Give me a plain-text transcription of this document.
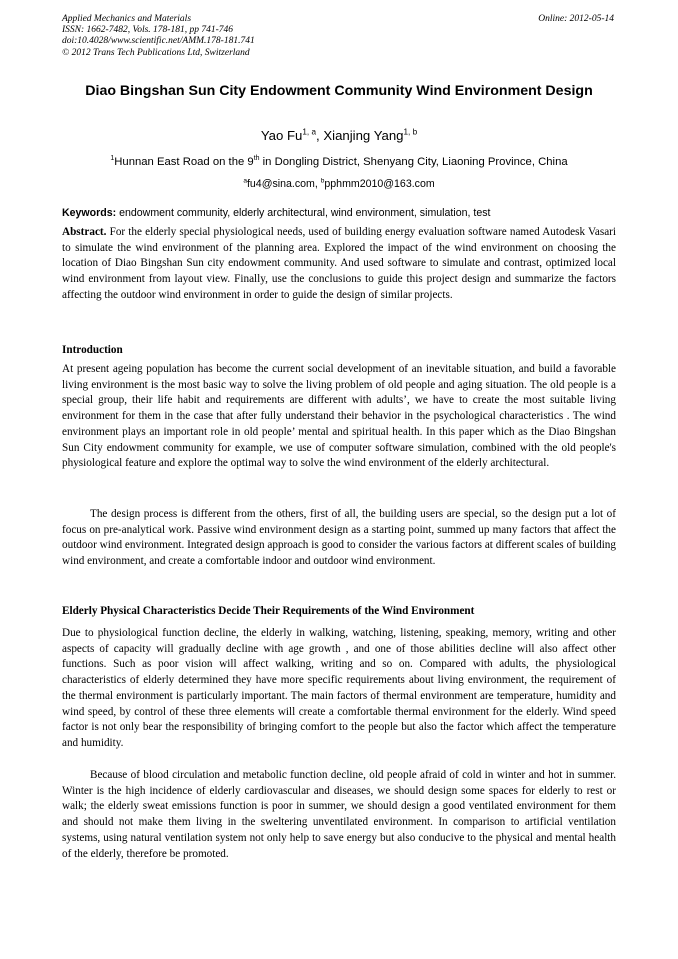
Applied Mechanics and Materials
ISSN: 1662-7482, Vols. 178-181, pp 741-746
doi:10.4028/www.scientific.net/AMM.178-181.741
© 2012 Trans Tech Publications Ltd, Switzerland
Online: 2012-05-14
Diao Bingshan Sun City Endowment Community Wind Environment Design
Yao Fu$^{1, a}$, Xianjing Yang$^{1, b}$
$^1$Hunnan East Road on the 9th in Dongling District, Shenyang City, Liaoning Province, China
$^a$fu4@sina.com, $^b$pphmm2010@163.com
Keywords: endowment community, elderly architectural, wind environment, simulation, test

Abstract. For the elderly special physiological needs, used of building energy evaluation software named Autodesk Vasari to simulate the wind environment of the planning area. Explored the impact of the wind environment on choosing the location of Diao Bingshan Sun city endowment community. And used software to simulate and contrast, optimized local wind environment from layout view. Finally, use the conclusions to guide this project design and summarize the factors affecting the outdoor wind environment in order to guide the design of similar projects.

Introduction

At present ageing population has become the current social development of an inevitable situation, and build a favorable living environment is the most basic way to solve the living problem of old people and aging situation. The old people is a special group, their life habit and requirements are different with adults’, we have to create the most suitable living environment for them in the case that after fully understand their behavior in the psychological characteristics . The wind environment plays an important role in old people’ mental and spiritual health. In this paper which as the Diao Bingshan Sun City endowment community for example, we use of computer software simulation, combined with the old people's physiological feature and explore the optimal way to solve the wind environment of the elderly architectural.

The design process is different from the others, first of all, the building users are special, so the design put a lot of focus on pre-analytical work. Passive wind environment design as a starting point, summed up many factors that affect the outdoor wind environment. Integrated design approach is good to consider the various factors at different scales of building wind environment, and create a comfortable indoor and outdoor wind environment.

Elderly Physical Characteristics Decide Their Requirements of the Wind Environment

Due to physiological function decline, the elderly in walking, watching, listening, speaking, memory, writing and other aspects of capacity will gradually decline with age growth , and one of those abilities decline will also affect other functions. Such as poor vision will affect walking, writing and so on. Compared with adults, the physiological characteristics of elderly determined they have more specific requirements about living environment, the requirement of the thermal environment is particularly important. The main factors of thermal environment are temperature, humidity and wind speed, by control of these three elements will create a comfortable thermal environment for the elderly. Wind speed factor is not only bear the responsibility of bringing comfort to the people but also the factor which affect the temperature and humidity.

Because of blood circulation and metabolic function decline, old people afraid of cold in winter and hot in summer. Winter is the high incidence of elderly cardiovascular and diseases, we should design some spaces for elderly to rest or walk; the elderly sweat emissions function is poor in summer, we should design a good ventilated environment for them and should not make them living in the sweltering unventilated environment. In comparison to artificial ventilation systems, using natural ventilation system not only help to save energy but also conducive to the physical and mental health of the elderly, therefore be promoted.
